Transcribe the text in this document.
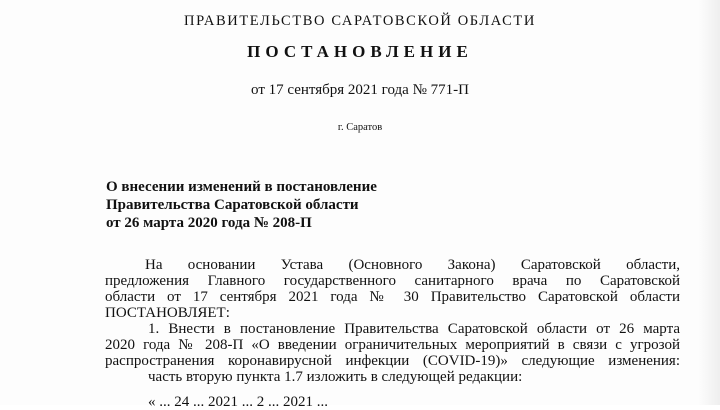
ПРАВИТЕЛЬСТВО САРАТОВСКОЙ ОБЛАСТИ
ПОСТАНОВЛЕНИЕ
от 17 сентября 2021 года № 771-П
г. Саратов
О внесении изменений в постановление
Правительства Саратовской области
от 26 марта 2020 года № 208-П
На основании Устава (Основного Закона) Саратовской области,
предложения Главного государственного санитарного врача по Саратовской
области от 17 сентября 2021 года № 30 Правительство Саратовской области
ПОСТАНОВЛЯЕТ:
1. Внести в постановление Правительства Саратовской области от 26 марта
2020 года № 208-П «О введении ограничительных мероприятий в связи с угрозой
распространения коронавирусной инфекции (COVID-19)» следующие изменения:
часть вторую пункта 1.7 изложить в следующей редакции:
« ... 24 ... 2021 ... 2 ... 2021 ...
